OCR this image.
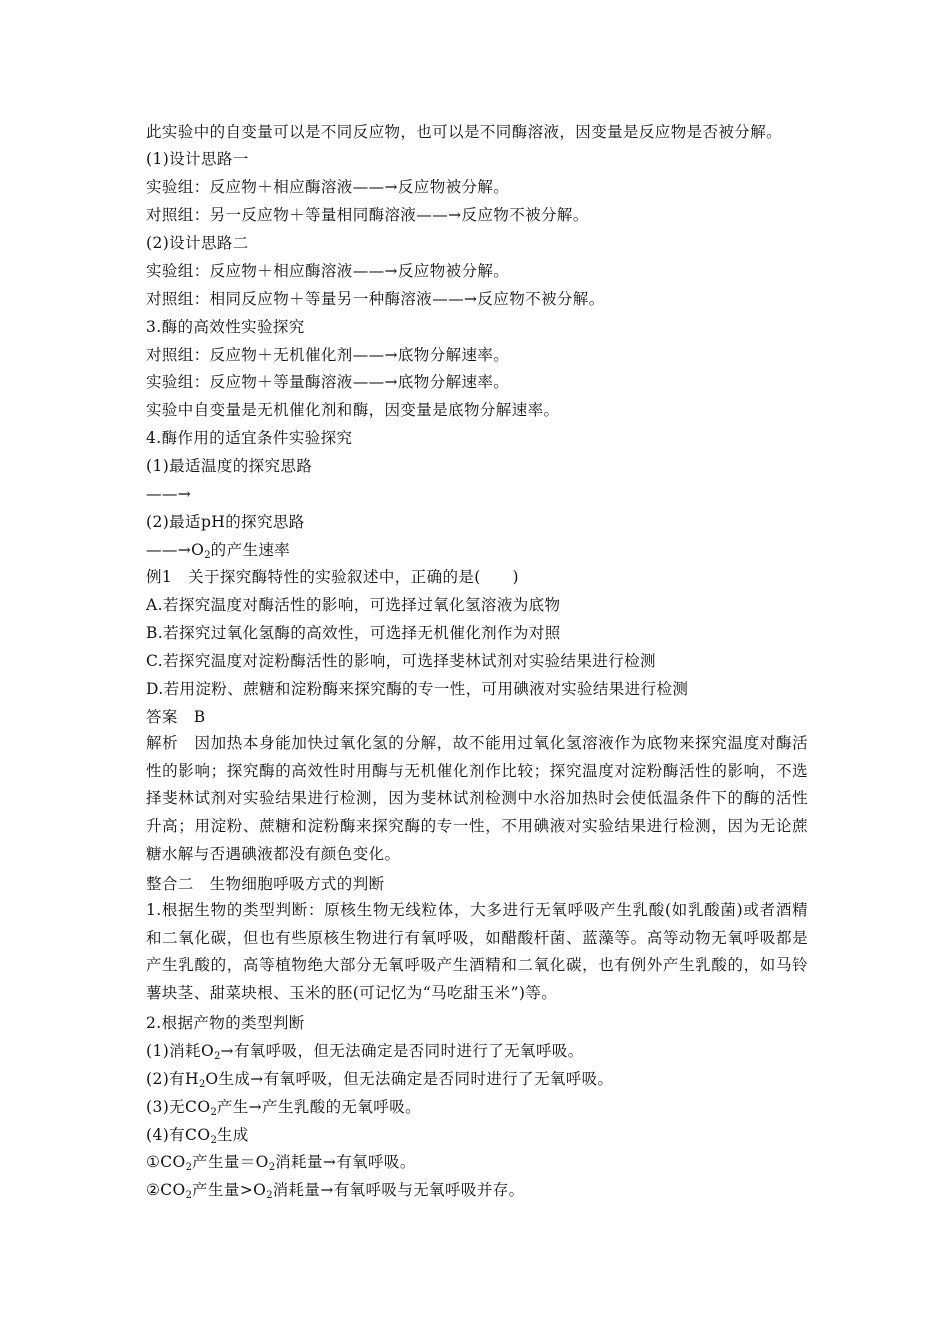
此实验中的自变量可以是不同反应物，也可以是不同酶溶液，因变量是反应物是否被分解。
(1)设计思路一
实验组：反应物＋相应酶溶液——→反应物被分解。
对照组：另一反应物＋等量相同酶溶液——→反应物不被分解。
(2)设计思路二
实验组：反应物＋相应酶溶液——→反应物被分解。
对照组：相同反应物＋等量另一种酶溶液——→反应物不被分解。
3.酶的高效性实验探究
对照组：反应物＋无机催化剂——→底物分解速率。
实验组：反应物＋等量酶溶液——→底物分解速率。
实验中自变量是无机催化剂和酶，因变量是底物分解速率。
4.酶作用的适宜条件实验探究
(1)最适温度的探究思路
——→
(2)最适pH的探究思路
$——\to O_2$的产生速率
例1　关于探究酶特性的实验叙述中，正确的是(　　)
A.若探究温度对酶活性的影响，可选择过氧化氢溶液为底物
B.若探究过氧化氢酶的高效性，可选择无机催化剂作为对照
C.若探究温度对淀粉酶活性的影响，可选择斐林试剂对实验结果进行检测
D.若用淀粉、蔗糖和淀粉酶来探究酶的专一性，可用碘液对实验结果进行检测
答案　B
解析　因加热本身能加快过氧化氢的分解，故不能用过氧化氢溶液作为底物来探究温度对酶活性的影响；探究酶的高效性时用酶与无机催化剂作比较；探究温度对淀粉酶活性的影响，不选择斐林试剂对实验结果进行检测，因为斐林试剂检测中水浴加热时会使低温条件下的酶的活性升高；用淀粉、蔗糖和淀粉酶来探究酶的专一性，不用碘液对实验结果进行检测，因为无论蔗糖水解与否遇碘液都没有颜色变化。
整合二　生物细胞呼吸方式的判断
1.根据生物的类型判断：原核生物无线粒体，大多进行无氧呼吸产生乳酸(如乳酸菌)或者酒精和二氧化碳，但也有些原核生物进行有氧呼吸，如醋酸杆菌、蓝藻等。高等动物无氧呼吸都是产生乳酸的，高等植物绝大部分无氧呼吸产生酒精和二氧化碳，也有例外产生乳酸的，如马铃薯块茎、甜菜块根、玉米的胚(可记忆为“马吃甜玉米”)等。
2.根据产物的类型判断
(1)消耗$O_2\to$有氧呼吸，但无法确定是否同时进行了无氧呼吸。
(2)有$H_2O$生成→有氧呼吸，但无法确定是否同时进行了无氧呼吸。
(3)无$CO_2$产生→产生乳酸的无氧呼吸。
(4)有$CO_2$生成
$①CO_2$产生量$=O_2$消耗量→有氧呼吸。
$②CO_2$产生量$>O_2$消耗量→有氧呼吸与无氧呼吸并存。
